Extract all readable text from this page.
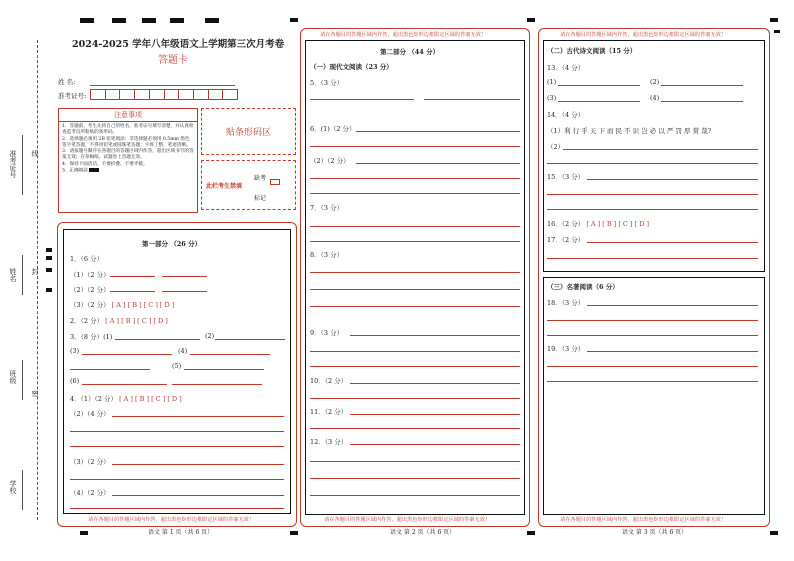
准考证号
姓名
班级
学校
线
封
密
2024-2025 学年八年级语文上学期第三次月考卷
答题卡
姓 名:
准考证号:
注意事项
1．答题前，考生先将自己的姓名，准考证号填写清楚，并认真检查监考员所粘贴的条形码。
2．选择题必须用 2B 铅笔填涂；非选择题必须用 0.5mm 黑色签字笔答题，不得用铅笔或圆珠笔答题；字体工整、笔迹清晰。
3．请按题号顺序在各题目的答题区域内作答，超出区域书写的答案无效；在草稿纸、试题卷上答题无效。
4．保持卡面清洁，不要折叠、不要弄破。
5．正确填涂
贴条形码区
此栏考生禁填
缺考
标记
第一部分 （26 分）
1．（6 分）
（1）（2 分）
（2）（2 分）
（3）（2 分） [ A ] [ B ] [ C ] [ D ]
2．（2 分） [ A ] [ B ] [ C ] [ D ]
3．（8 分）(1)	(2)
(3)	(4)
(5)
(6)
4．（1）（2 分） [ A ] [ B ] [ C ] [ D ]
（2）（4 分）
（3）（2 分）
（4）（2 分）
请在各题目的答题区域内作答，超出黑色矩形边框限定区域的答案无效！
语文 第 1 页（共 6 页）
请在各题目的答题区域内作答，超出黑色矩形边框限定区域的答案无效！
第二部分 （44 分）
（一）现代文阅读（23 分）
5．（3 分）
6．(1)（2 分）
（2）（2 分）
7．（3 分）
8．（3 分）
9．（3 分）
10．（2 分）
11．（2 分）
12．（3 分）
请在各题目的答题区域内作答，超出黑色矩形边框限定区域的答案无效！
语文 第 2 页（共 6 页）
请在各题目的答题区域内作答，超出黑色矩形边框限定区域的答案无效！
（二）古代诗文阅读（15 分）
13．（4 分）
(1)	(2)
(3)	(4)
14．（4 分）
（1）利 行 乎 天 下 而 民 不 识 岂 必 以 严 罚 厚 赏 哉?
（2）
15．（3 分）
16．（2 分） [ A ] [ B ] [ C ] [ D ]
17．（2 分）
（三）名著阅读（6 分）
18．（3 分）
19．（3 分）
请在各题目的答题区域内作答，超出黑色矩形边框限定区域的答案无效！
语文 第 3 页（共 6 页）
